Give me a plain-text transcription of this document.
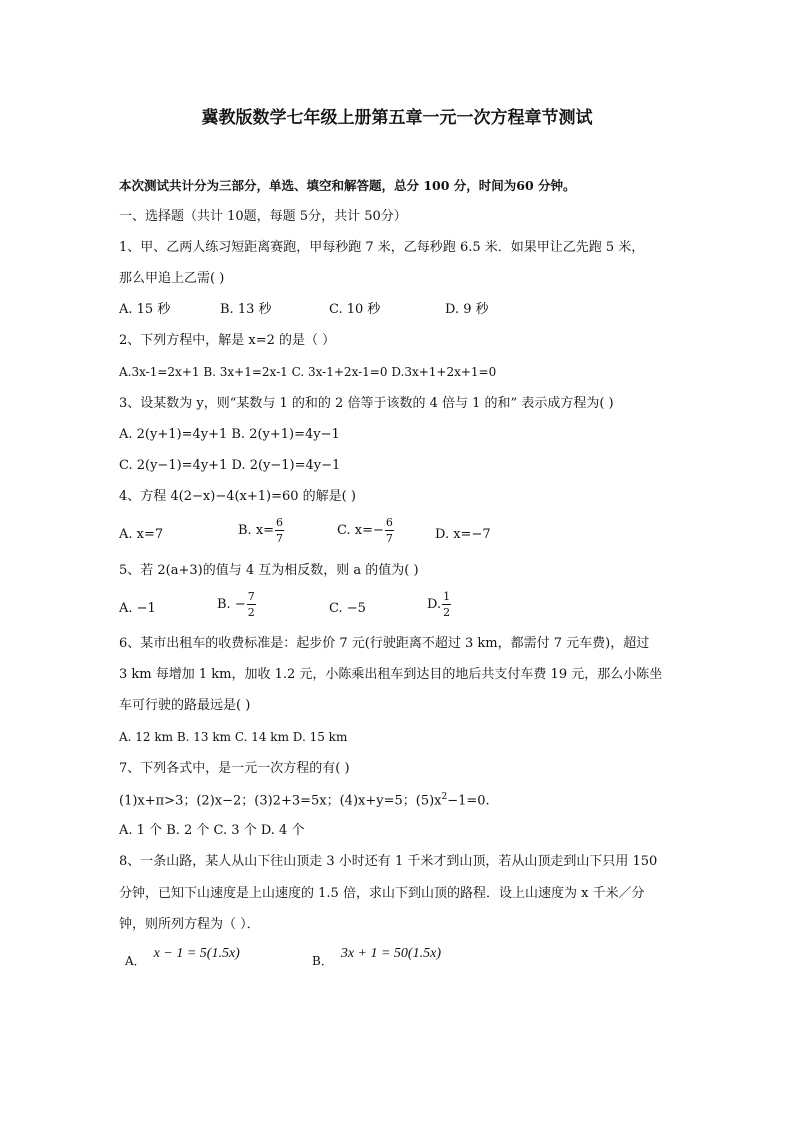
冀教版数学七年级上册第五章一元一次方程章节测试
本次测试共计分为三部分，单选、填空和解答题，总分 100 分，时间为60 分钟。
一、选择题（共计 10题，每题 5分，共计 50分）
1、甲、乙两人练习短距离赛跑，甲每秒跑 7 米，乙每秒跑 6.5 米．如果甲让乙先跑 5 米，
那么甲追上乙需( )
A. 15 秒	B. 13 秒	C. 10 秒	D. 9 秒
2、下列方程中，解是 x=2 的是（ ）
A.3x-1=2x+1 B. 3x+1=2x-1 C. 3x-1+2x-1=0 D.3x+1+2x+1=0
3、设某数为 y，则“某数与 1 的和的 2 倍等于该数的 4 倍与 1 的和” 表示成方程为( )
A. 2(y+1)=4y+1 B. 2(y+1)=4y−1
C. 2(y−1)=4y+1 D. 2(y−1)=4y−1
4、方程 4(2−x)−4(x+1)=60 的解是( )
A. x=7	B. $x= \frac{6}{7}$	C. $x=- \frac{6}{7}$	D. x=−7
5、若 2(a+3)的值与 4 互为相反数，则 a 的值为( )
A. −1	B. − $\frac{7}{2}$	C. −5	D. $\frac{1}{2}$
6、某市出租车的收费标准是：起步价 7 元(行驶距离不超过 3 km，都需付 7 元车费)，超过
3 km 每增加 1 km，加收 1.2 元，小陈乘出租车到达目的地后共支付车费 19 元，那么小陈坐
车可行驶的路最远是( )
A. 12 km B. 13 km C. 14 km D. 15 km
7、下列各式中，是一元一次方程的有( )
(1)x+π>3；(2)x−2；(3)2+3=5x；(4)x+y=5；$(5)x^2-1=0$.
A. 1 个 B. 2 个 C. 3 个 D. 4 个
8、一条山路，某人从山下往山顶走 3 小时还有 1 千米才到山顶，若从山顶走到山下只用 150
分钟，已知下山速度是上山速度的 1.5 倍，求山下到山顶的路程．设上山速度为 x 千米／分
钟，则所列方程为（ ）．
A． x − 1 = 5(1.5x)	B． 3x + 1 = 50(1.5x)
